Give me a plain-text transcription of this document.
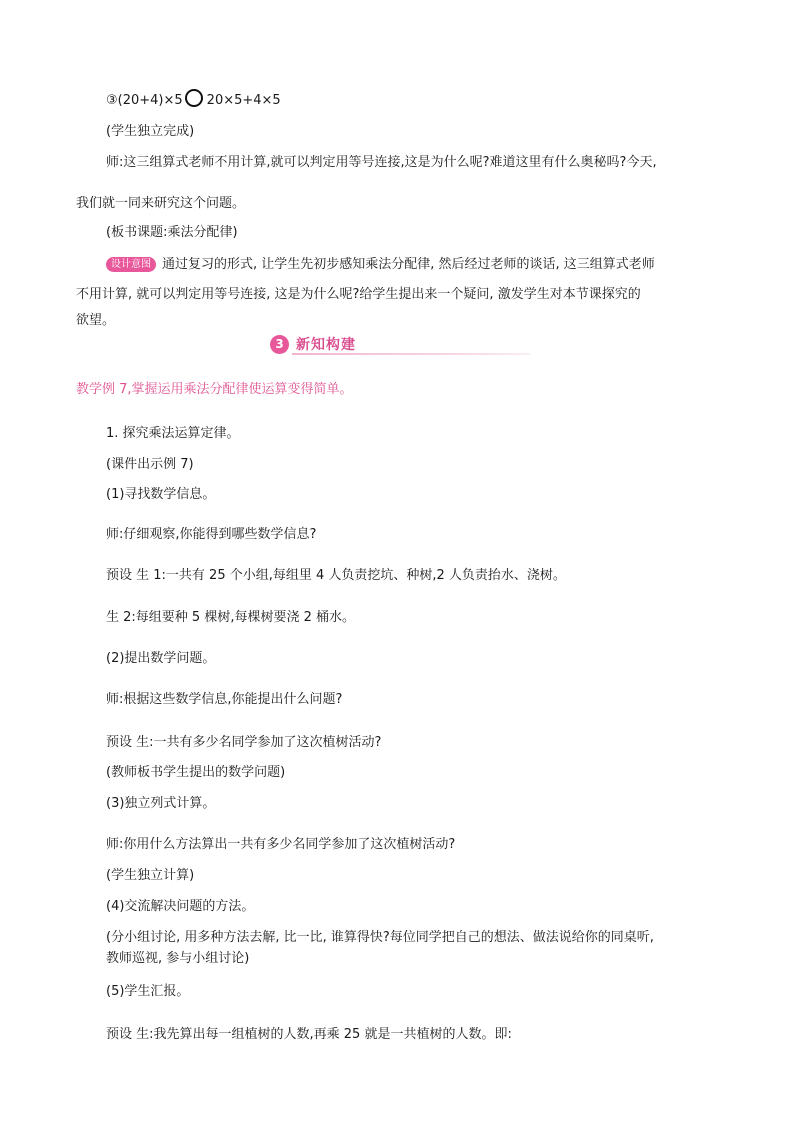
③(20+4)×5 20×5+4×5
(学生独立完成)
师:这三组算式老师不用计算,就可以判定用等号连接,这是为什么呢?难道这里有什么奥秘吗?今天,
我们就一同来研究这个问题。
(板书课题:乘法分配律)
设计意图 通过复习的形式, 让学生先初步感知乘法分配律, 然后经过老师的谈话, 这三组算式老师
不用计算, 就可以判定用等号连接, 这是为什么呢?给学生提出来一个疑问, 激发学生对本节课探究的
欲望。
3 新知构建
教学例 7,掌握运用乘法分配律使运算变得简单。
1. 探究乘法运算定律。
(课件出示例 7)
(1)寻找数学信息。
师:仔细观察,你能得到哪些数学信息?
预设 生 1:一共有 25 个小组,每组里 4 人负责挖坑、种树,2 人负责抬水、浇树。
生 2:每组要种 5 棵树,每棵树要浇 2 桶水。
(2)提出数学问题。
师:根据这些数学信息,你能提出什么问题?
预设 生:一共有多少名同学参加了这次植树活动?
(教师板书学生提出的数学问题)
(3)独立列式计算。
师:你用什么方法算出一共有多少名同学参加了这次植树活动?
(学生独立计算)
(4)交流解决问题的方法。
(分小组讨论, 用多种方法去解, 比一比, 谁算得快?每位同学把自己的想法、做法说给你的同桌听,
教师巡视, 参与小组讨论)
(5)学生汇报。
预设 生:我先算出每一组植树的人数,再乘 25 就是一共植树的人数。即:
